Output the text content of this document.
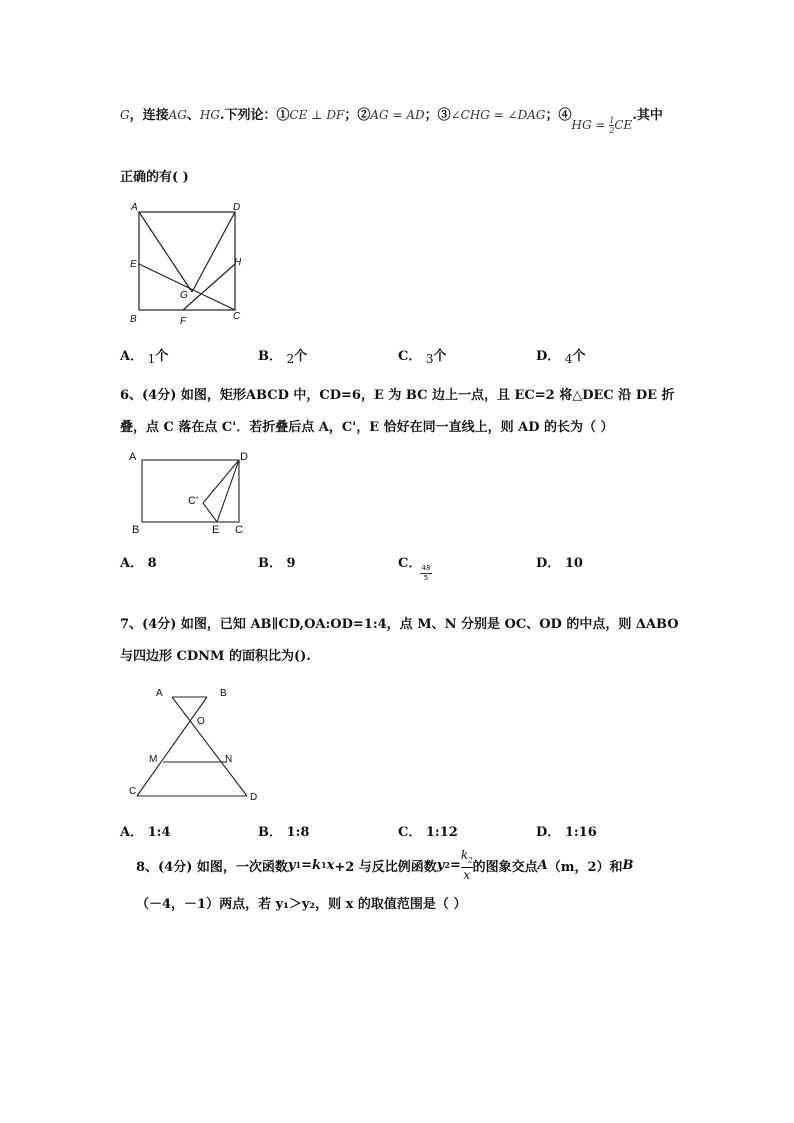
G，连接AG、HG.下列论：①CE ⊥ DF；②AG = AD；③∠CHG = ∠DAG；④HG = $\frac{1}{2}$ CE.其中
正确的有( )
A	D
E	H
G
B	F	C
A． 1个	B． 2个	C． 3个	D． 4个
6、(4分) 如图，矩形ABCD 中，CD=6，E 为 BC 边上一点，且 EC=2 将△DEC 沿 DE 折
叠，点 C 落在点 C'．若折叠后点 A，C'，E 恰好在同一直线上，则 AD 的长为（ ）
A	D
C'
B	E C
A． 8	B． 9	C． 48
5
D． 10
7、(4分) 如图，已知 AB∥CD,OA:OD=1:4，点 M、N 分别是 OC、OD 的中点，则 ΔABO
与四边形 CDNM 的面积比为().
A	B
O
M	N
C
D
A． 1:4	B． 1:8	C． 1:12	D． 1:16
8、(4分) 如图，一次函数 y 1 = k 1 x +2 与反比例函数 y $2 = \frac{k_2}{x}$ 的图象交点 A （m，2）和 B
（－4，－1）两点，若 y₁＞y₂，则 x 的取值范围是（ ）
